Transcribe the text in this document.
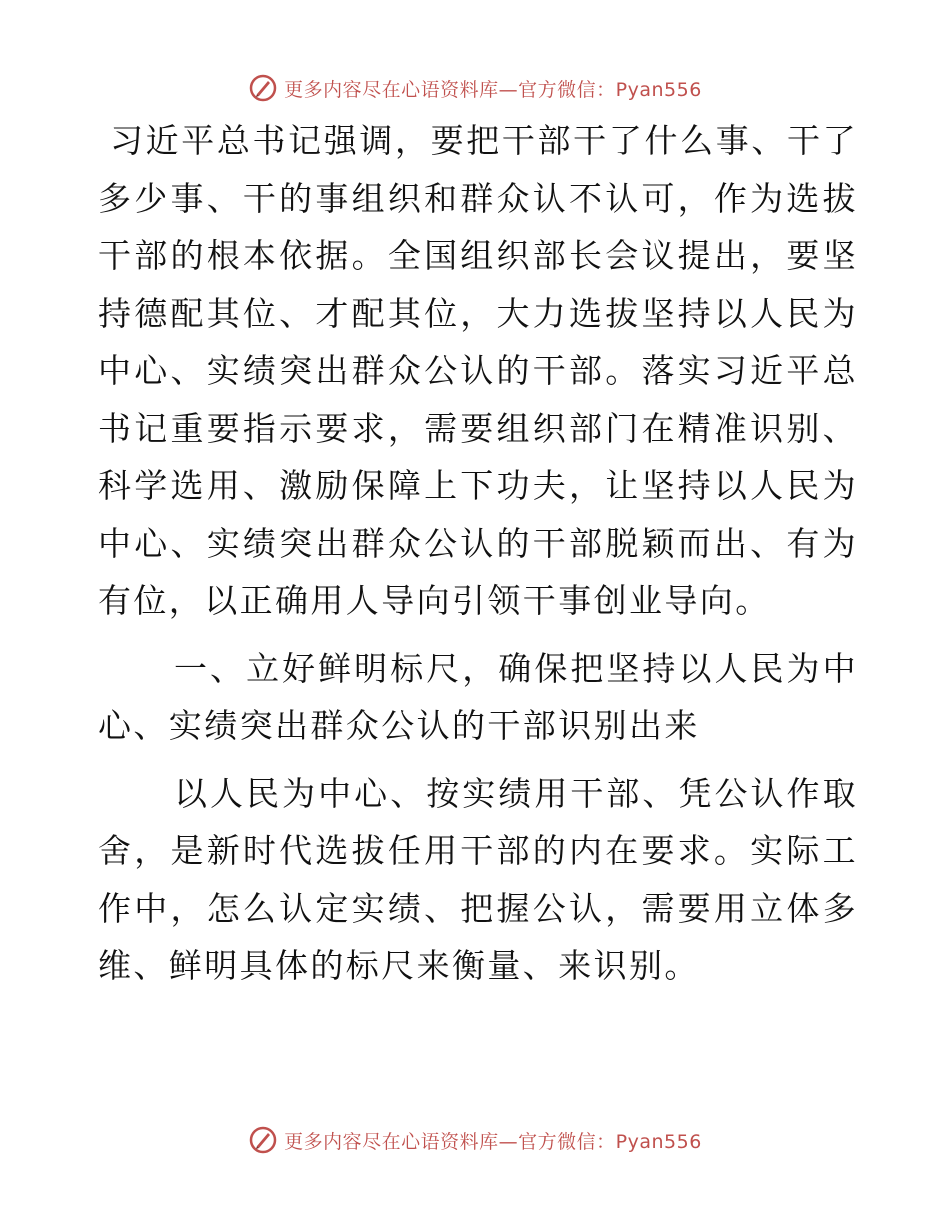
更多内容尽在心语资料库—官方微信：Pyan556

习近平总书记强调，要把干部干了什么事、干了多少事、干的事组织和群众认不认可，作为选拔干部的根本依据。全国组织部长会议提出，要坚持德配其位、才配其位，大力选拔坚持以人民为中心、实绩突出群众公认的干部。落实习近平总书记重要指示要求，需要组织部门在精准识别、科学选用、激励保障上下功夫，让坚持以人民为中心、实绩突出群众公认的干部脱颖而出、有为有位，以正确用人导向引领干事创业导向。

一、立好鲜明标尺，确保把坚持以人民为中心、实绩突出群众公认的干部识别出来

以人民为中心、按实绩用干部、凭公认作取舍，是新时代选拔任用干部的内在要求。实际工作中，怎么认定实绩、把握公认，需要用立体多维、鲜明具体的标尺来衡量、来识别。

更多内容尽在心语资料库—官方微信：Pyan556
